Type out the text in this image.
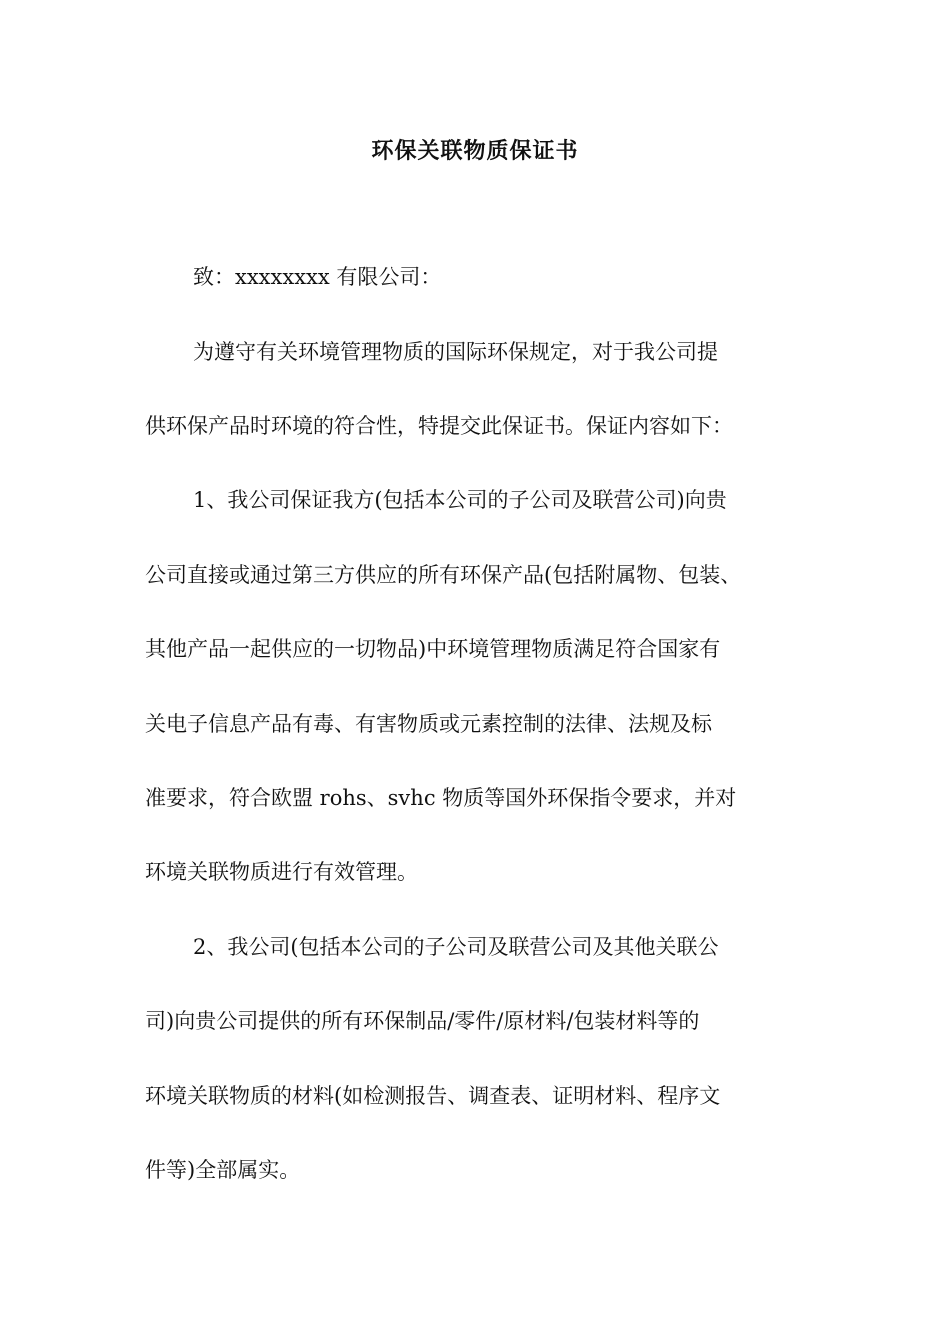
环保关联物质保证书
致：xxxxxxxx 有限公司：
为遵守有关环境管理物质的国际环保规定，对于我公司提
供环保产品时环境的符合性，特提交此保证书。保证内容如下：
1、我公司保证我方(包括本公司的子公司及联营公司)向贵
公司直接或通过第三方供应的所有环保产品(包括附属物、包装、
其他产品一起供应的一切物品)中环境管理物质满足符合国家有
关电子信息产品有毒、有害物质或元素控制的法律、法规及标
准要求，符合欧盟 rohs、svhc 物质等国外环保指令要求，并对
环境关联物质进行有效管理。
2、我公司(包括本公司的子公司及联营公司及其他关联公
司)向贵公司提供的所有环保制品/零件/原材料/包装材料等的
环境关联物质的材料(如检测报告、调查表、证明材料、程序文
件等)全部属实。
